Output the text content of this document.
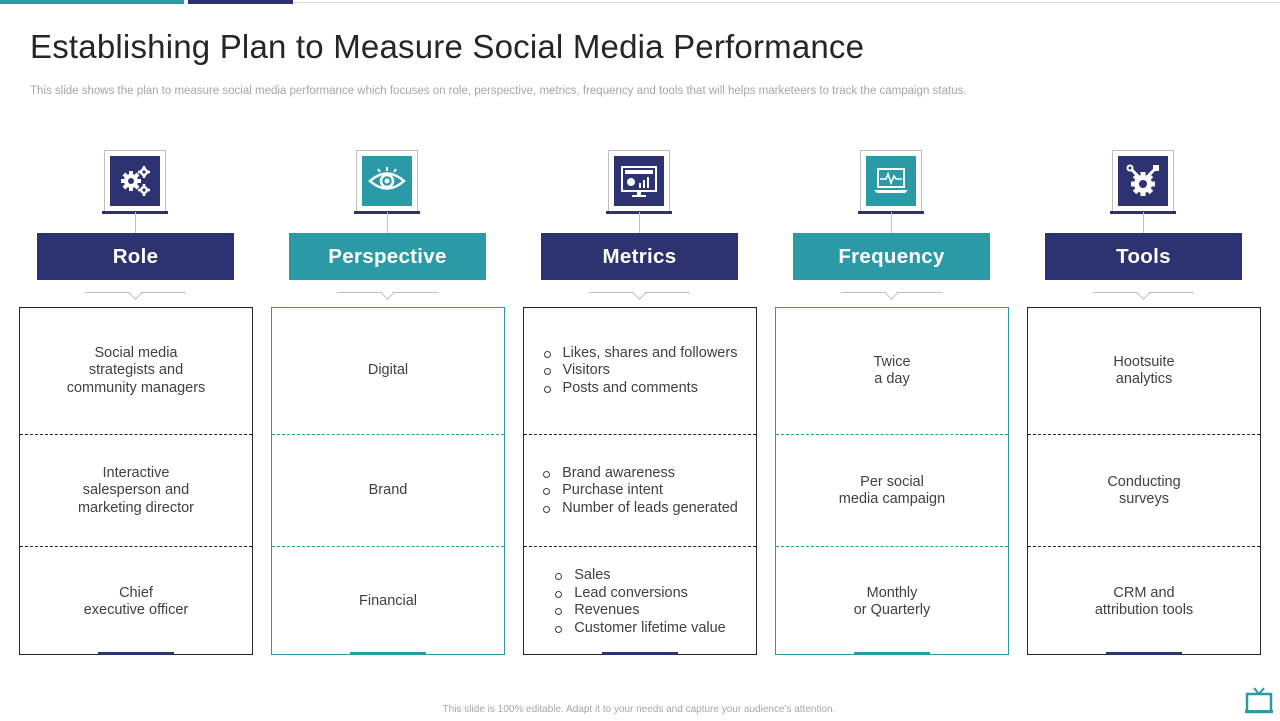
Establishing Plan to Measure Social Media Performance
This slide shows the plan to measure social media performance which focuses on role, perspective, metrics, frequency and tools that will helps marketeers to track the campaign status.
Role
Social media
strategists and
community managers
Interactive
salesperson and
marketing director
Chief
executive officer
Perspective
Digital
Brand
Financial
Metrics
Likes, shares and followers
Visitors
Posts and comments
Brand awareness
Purchase intent
Number of leads generated
Sales
Lead conversions
Revenues
Customer lifetime value
Frequency
Twice
a day
Per social
media campaign
Monthly
or Quarterly
Tools
Hootsuite
analytics
Conducting
surveys
CRM and
attribution tools
This slide is 100% editable. Adapt it to your needs and capture your audience's attention.
